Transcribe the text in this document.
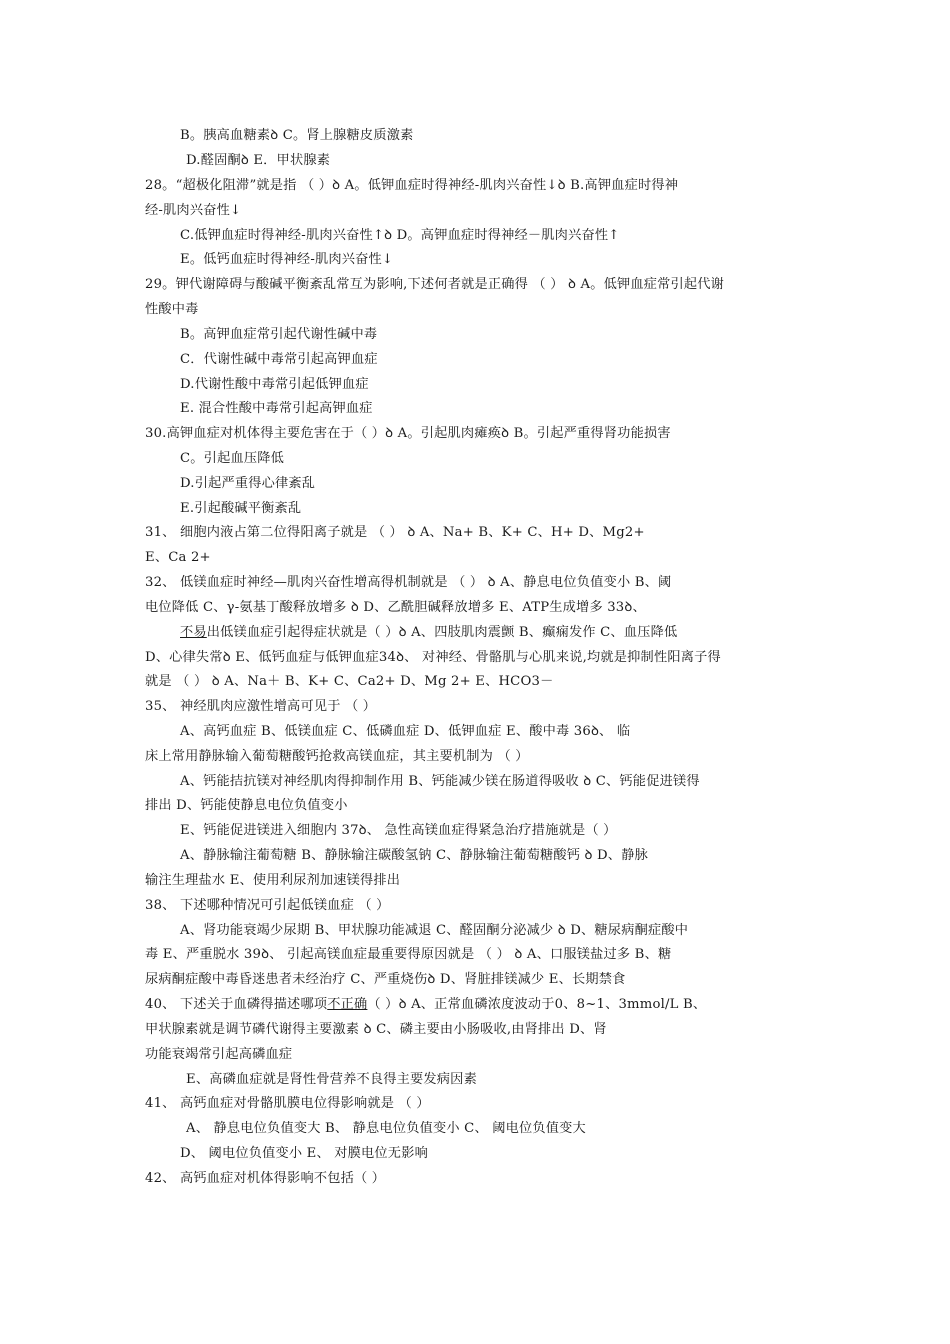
B。胰高血糖素ꝺ C。肾上腺糖皮质激素
D.醛固酮ꝺ E．甲状腺素
28。“超极化阻滞”就是指 （ ）ꝺ A。低钾血症时得神经-肌肉兴奋性↓ꝺ B.高钾血症时得神
经-肌肉兴奋性↓
C.低钾血症时得神经-肌肉兴奋性↑ꝺ D。高钾血症时得神经－肌肉兴奋性↑
E。低钙血症时得神经-肌肉兴奋性↓
29。钾代谢障碍与酸碱平衡紊乱常互为影响,下述何者就是正确得 （ ） ꝺ A。低钾血症常引起代谢
性酸中毒
B。高钾血症常引起代谢性碱中毒
C．代谢性碱中毒常引起高钾血症
D.代谢性酸中毒常引起低钾血症
E. 混合性酸中毒常引起高钾血症
30.高钾血症对机体得主要危害在于（ ）ꝺ A。引起肌肉瘫痪ꝺ B。引起严重得肾功能损害
C。引起血压降低
D.引起严重得心律紊乱
E.引起酸碱平衡紊乱
31、 细胞内液占第二位得阳离子就是 （ ） ꝺ A、Na+ B、K+ C、H+ D、Mg2+
E、Ca 2+
32、 低镁血症时神经—肌肉兴奋性增高得机制就是 （ ） ꝺ A、静息电位负值变小 B、阈
电位降低 C、γ-氨基丁酸释放增多 ꝺ D、乙酰胆碱释放增多 E、ATP生成增多 33ꝺ、
不易出低镁血症引起得症状就是（ ）ꝺ A、四肢肌肉震颤 B、癫痫发作 C、血压降低
D、心律失常ꝺ E、低钙血症与低钾血症34ꝺ、 对神经、骨骼肌与心肌来说,均就是抑制性阳离子得
就是 （ ） ꝺ A、Na＋ B、K+ C、Ca2+ D、Mg 2+ E、HCO3－
35、 神经肌肉应激性增高可见于 （ ）
A、高钙血症 B、低镁血症 C、低磷血症 D、低钾血症 E、酸中毒 36ꝺ、 临
床上常用静脉输入葡萄糖酸钙抢救高镁血症，其主要机制为 （ ）
A、钙能拮抗镁对神经肌肉得抑制作用 B、钙能减少镁在肠道得吸收 ꝺ C、钙能促进镁得
排出 D、钙能使静息电位负值变小
E、钙能促进镁进入细胞内 37ꝺ、 急性高镁血症得紧急治疗措施就是（ ）
A、静脉输注葡萄糖 B、静脉输注碳酸氢钠 C、静脉输注葡萄糖酸钙 ꝺ D、静脉
输注生理盐水 E、使用利尿剂加速镁得排出
38、 下述哪种情况可引起低镁血症 （ ）
A、肾功能衰竭少尿期 B、甲状腺功能减退 C、醛固酮分泌减少 ꝺ D、糖尿病酮症酸中
毒 E、严重脱水 39ꝺ、 引起高镁血症最重要得原因就是 （ ） ꝺ A、口服镁盐过多 B、糖
尿病酮症酸中毒昏迷患者未经治疗 C、严重烧伤ꝺ D、肾脏排镁减少 E、长期禁食
40、 下述关于血磷得描述哪项不正确（ ）ꝺ A、正常血磷浓度波动于0、8~1、3mmol/L B、
甲状腺素就是调节磷代谢得主要激素 ꝺ C、磷主要由小肠吸收,由肾排出 D、肾
功能衰竭常引起高磷血症
E、高磷血症就是肾性骨营养不良得主要发病因素
41、 高钙血症对骨骼肌膜电位得影响就是 （ ）
A、 静息电位负值变大 B、 静息电位负值变小 C、 阈电位负值变大
D、 阈电位负值变小 E、 对膜电位无影响
42、 高钙血症对机体得影响不包括（ ）
